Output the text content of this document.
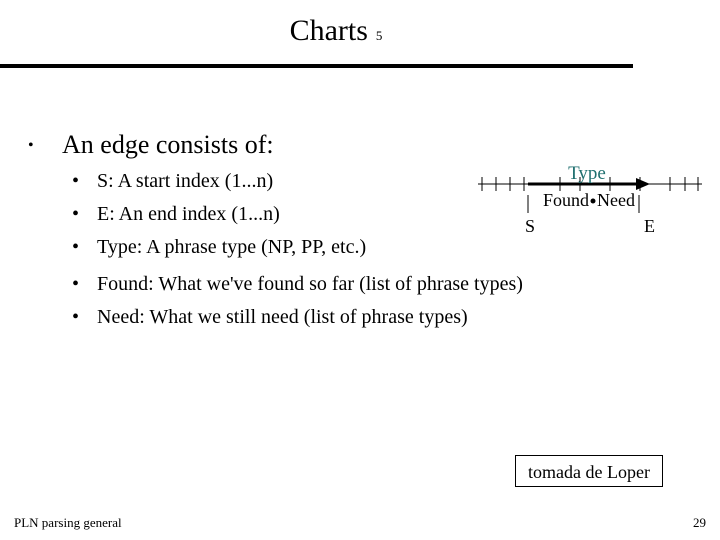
Charts 5
• An edge consists of:
• S: A start index (1...n)
• E: An end index (1...n)
• Type: A phrase type (NP, PP, etc.)
• Found: What we've found so far (list of phrase types)
• Need: What we still need (list of phrase types)
Type
Found Need
S	E
tomada de Loper
PLN parsing general	29
